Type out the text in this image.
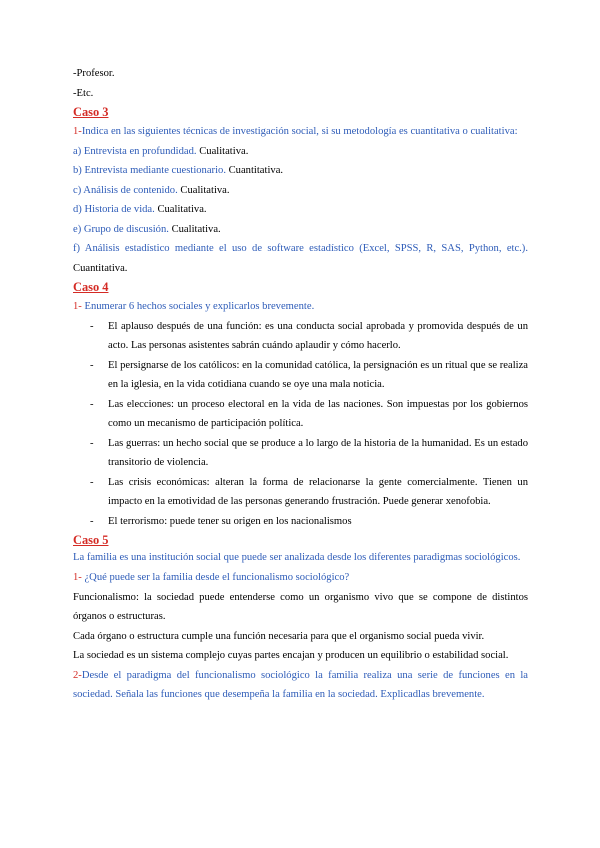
-Profesor.

-Etc.

Caso 3

1-Indica en las siguientes técnicas de investigación social, si su metodología es cuantitativa o cualitativa:

a) Entrevista en profundidad. Cualitativa.

b) Entrevista mediante cuestionario. Cuantitativa.

c) Análisis de contenido. Cualitativa.

d) Historia de vida. Cualitativa.

e) Grupo de discusión. Cualitativa.

f) Análisis estadístico mediante el uso de software estadístico (Excel, SPSS, R, SAS, Python, etc.). Cuantitativa.

Caso 4

1- Enumerar 6 hechos sociales y explicarlos brevemente.

- El aplauso después de una función: es una conducta social aprobada y promovida después de un acto. Las personas asistentes sabrán cuándo aplaudir y cómo hacerlo.
- El persignarse de los católicos: en la comunidad católica, la persignación es un ritual que se realiza en la iglesia, en la vida cotidiana cuando se oye una mala noticia.
- Las elecciones: un proceso electoral en la vida de las naciones. Son impuestas por los gobiernos como un mecanismo de participación política.
- Las guerras: un hecho social que se produce a lo largo de la historia de la humanidad. Es un estado transitorio de violencia.
- Las crisis económicas: alteran la forma de relacionarse la gente comercialmente. Tienen un impacto en la emotividad de las personas generando frustración. Puede generar xenofobia.
- El terrorismo: puede tener su origen en los nacionalismos

Caso 5

La familia es una institución social que puede ser analizada desde los diferentes paradigmas sociológicos.

1- ¿Qué puede ser la familia desde el funcionalismo sociológico?

Funcionalismo: la sociedad puede entenderse como un organismo vivo que se compone de distintos órganos o estructuras.

Cada órgano o estructura cumple una función necesaria para que el organismo social pueda vivir.

La sociedad es un sistema complejo cuyas partes encajan y producen un equilibrio o estabilidad social.

2-Desde el paradigma del funcionalismo sociológico la familia realiza una serie de funciones en la sociedad. Señala las funciones que desempeña la familia en la sociedad. Explicadlas brevemente.
